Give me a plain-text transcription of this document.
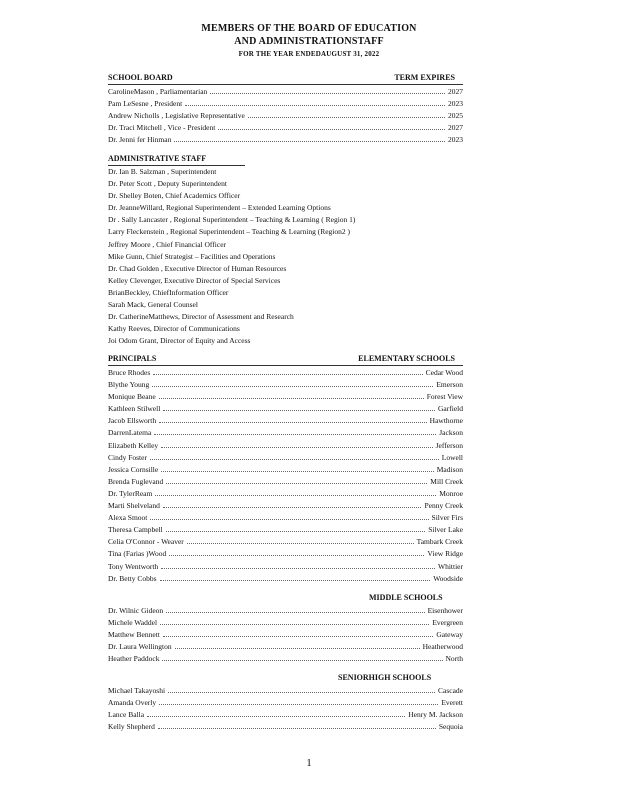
MEMBERS OF THE BOARD OF EDUCATION
AND ADMINISTRATIONSTAFF
FOR THE YEAR ENDEDAUGUST 31, 2022
SCHOOL BOARD	TERM EXPIRES
CarolineMason , Parliamentarian	2027
Pam LeSesne , President	2023
Andrew Nicholls , Legislative Representative	2025
Dr. Traci Mitchell , Vice - President	2027
Dr. Jenni fer Hinman	2023
ADMINISTRATIVE STAFF
Dr. Ian B. Salzman , Superintendent
Dr. Peter Scott , Deputy Superintendent
Dr. Shelley Boten, Chief Academics Officer
Dr. JeanneWillard, Regional Superintendent – Extended Learning Options
Dr . Sally Lancaster , Regional Superintendent – Teaching & Learning ( Region 1)
Larry Fleckenstein , Regional Superintendent – Teaching & Learning (Region2 )
Jeffrey Moore , Chief Financial Officer
Mike Gunn, Chief Strategist – Facilities and Operations
Dr. Chad Golden , Executive Director of Human Resources
Kelley Clevenger, Executive Director of Special Services
BrianBeckley, ChiefInformation Officer
Sarah Mack, General Counsel
Dr. CatherineMatthews, Director of Assessment and Research
Kathy Reeves, Director of Communications
Joi Odom Grant, Director of Equity and Access
PRINCIPALS	ELEMENTARY SCHOOLS
Bruce Rhodes	Cedar Wood
Blythe Young	Emerson
Monique Beane	Forest View
Kathleen Stilwell	Garfield
Jacob Ellsworth	Hawthorne
DarrenLatema	Jackson
Elizabeth Kelley	Jefferson
Cindy Foster	Lowell
Jessica Cornsille	Madison
Brenda Fuglevand	Mill Creek
Dr. TylerReam	Monroe
Marti Shelveland	Penny Creek
Alexa Smoot	Silver Firs
Theresa Campbell	Silver Lake
Celia O'Connor - Weaver	Tambark Creek
Tina (Farias )Wood	View Ridge
Tony Wentworth	Whittier
Dr. Betty Cobbs	Woodside
MIDDLE SCHOOLS
Dr. Wilnic Gideon	Eisenhower
Michele Waddel	Evergreen
Matthew Bennett	Gateway
Dr. Laura Wellington	Heatherwood
Heather Paddock	North
SENIORHIGH SCHOOLS
Michael Takayoshi	Cascade
Amanda Overly	Everett
Lance Balla	Henry M. Jackson
Kelly Shepherd	Sequoia
1
